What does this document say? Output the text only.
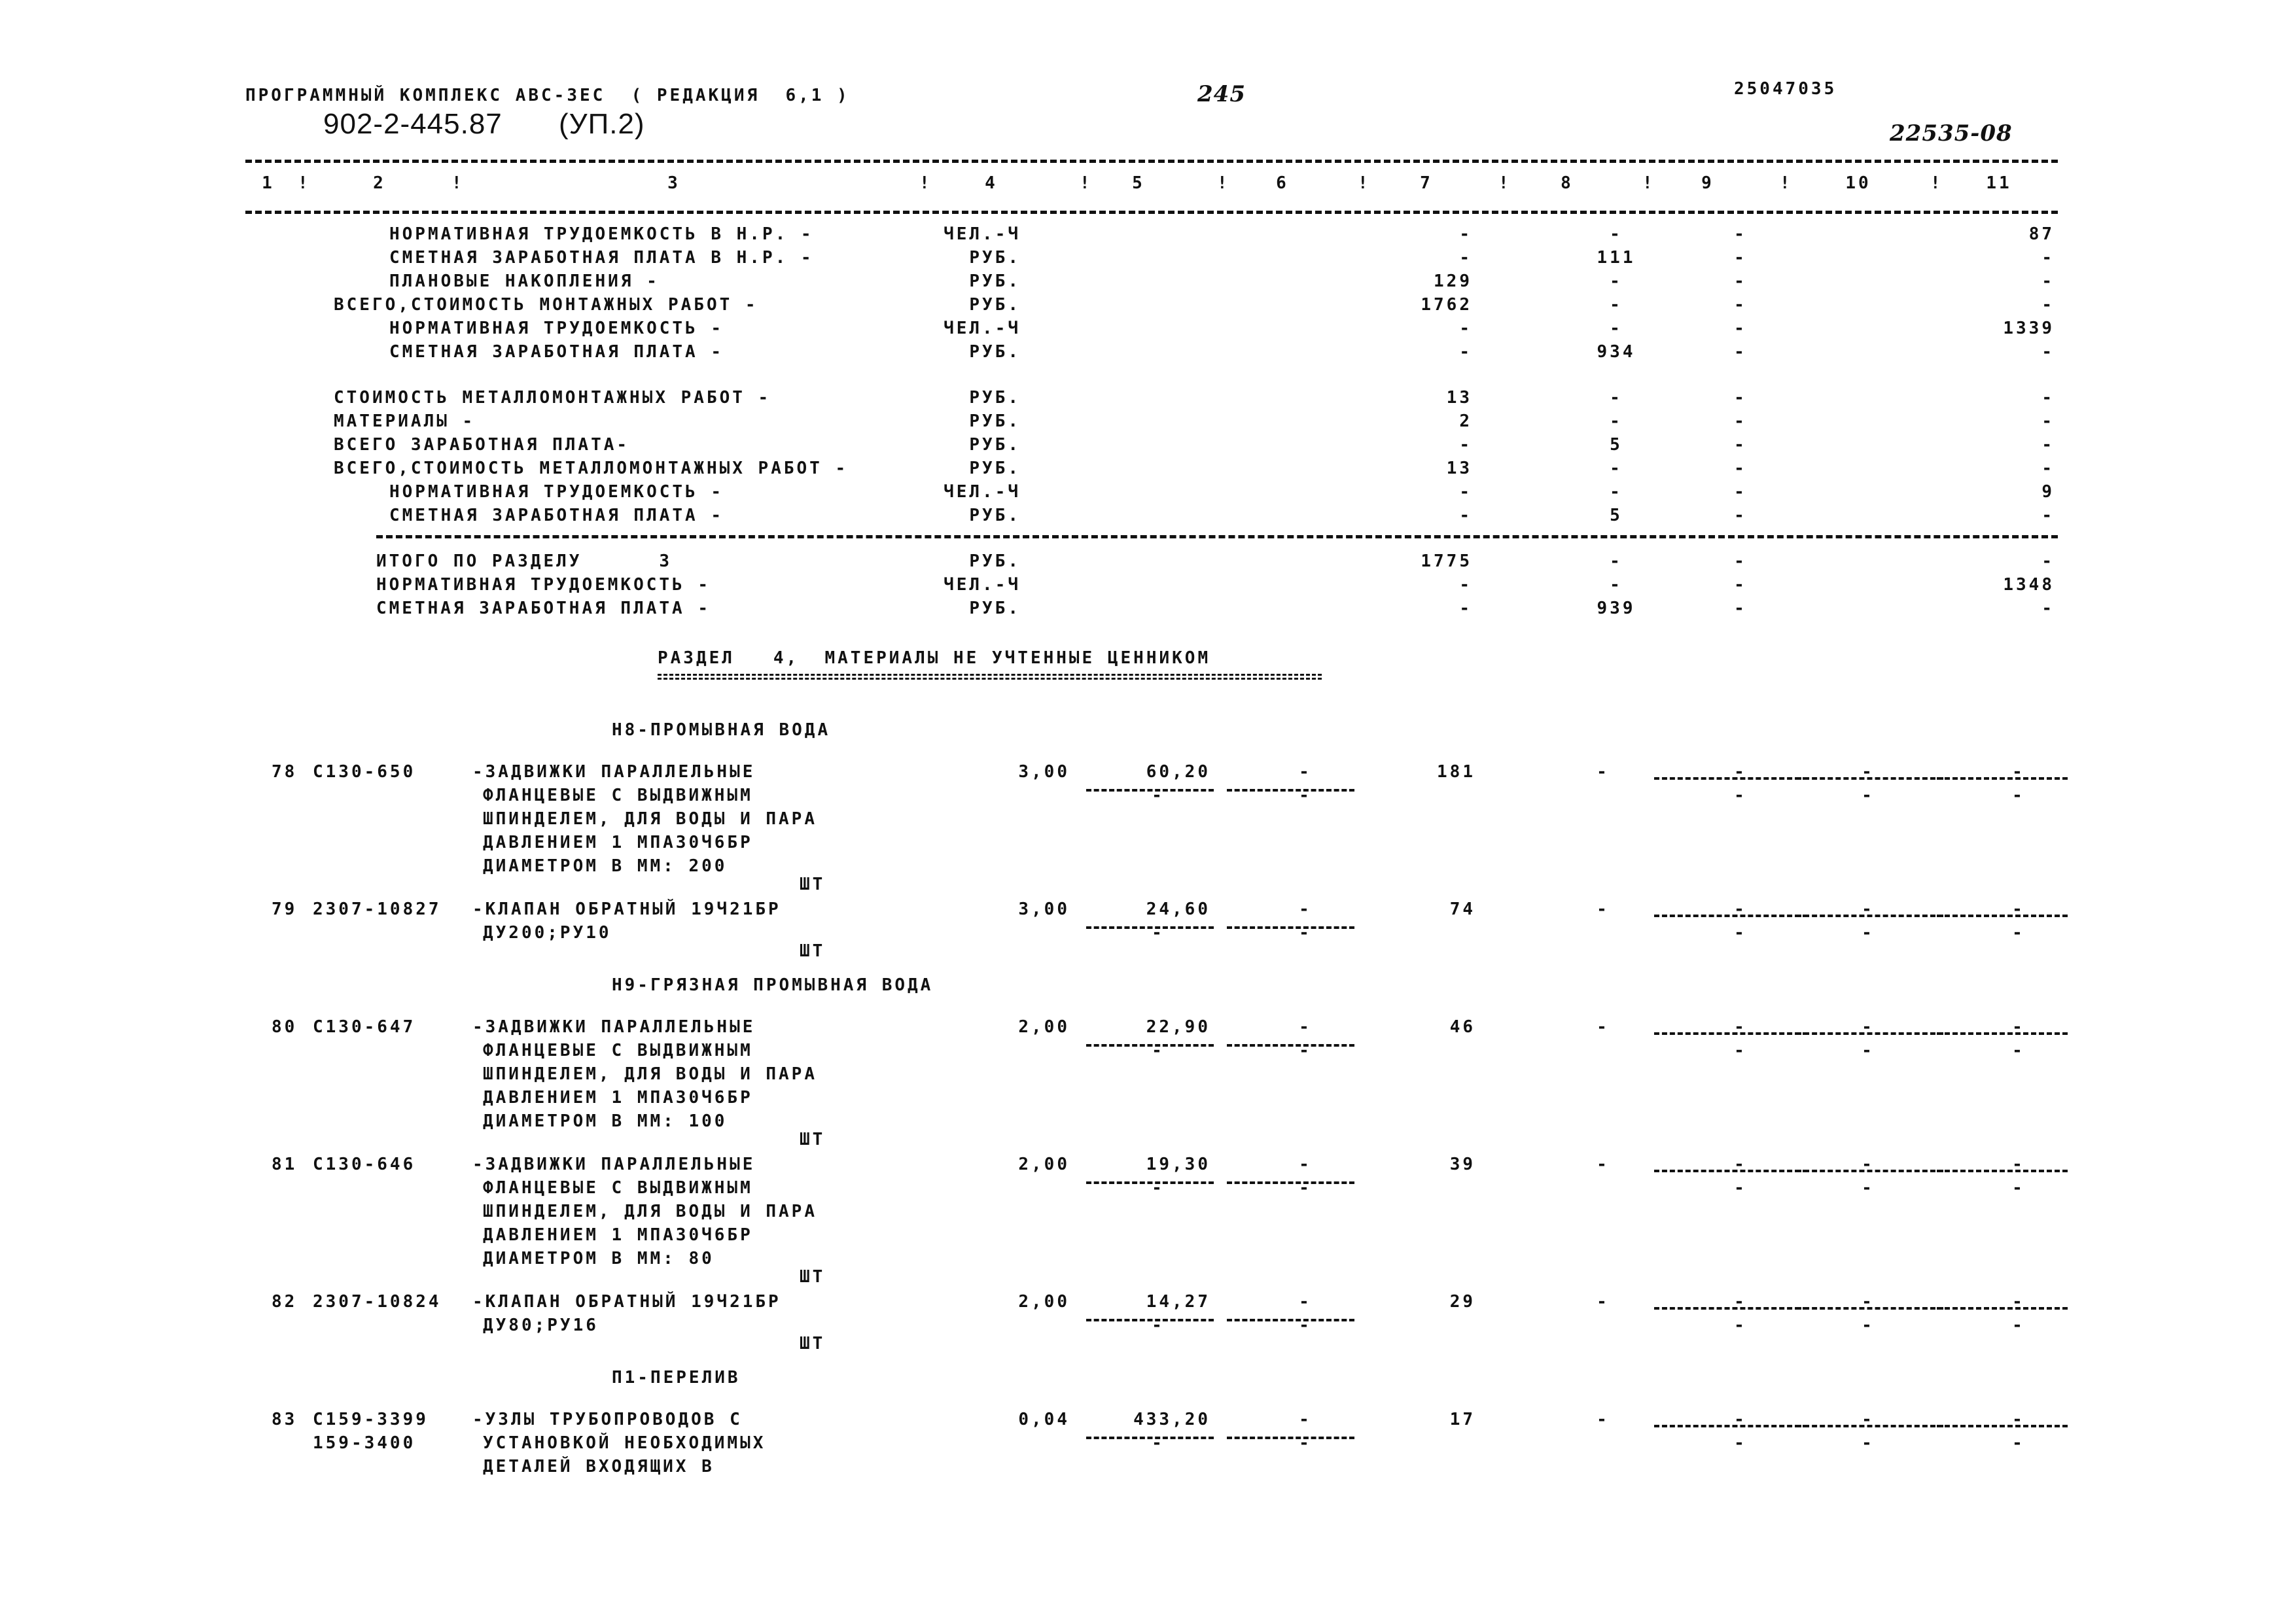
ПРОГРАММНЫЙ КОМПЛЕКС АВС-3ЕС  ( РЕДАКЦИЯ  6,1 )	245	25047035
902-2-445.87 (УП.2)	22535-08
1	2	3	4	5	6	7	8	9	10	11
!	!	!	!	!	!	!	!	!	!
НОРМАТИВНАЯ ТРУДОЕМКОСТЬ В Н.Р. -	ЧЕЛ.-Ч	-	-	-	87
СМЕТНАЯ ЗАРАБОТНАЯ ПЛАТА В Н.Р. -	РУБ.	-	111	-	-
ПЛАНОВЫЕ НАКОПЛЕНИЯ -	РУБ.	129	-	-	-
ВСЕГО,СТОИМОСТЬ МОНТАЖНЫХ РАБОТ -	РУБ.	1762	-	-	-
НОРМАТИВНАЯ ТРУДОЕМКОСТЬ -	ЧЕЛ.-Ч	-	-	-	1339
СМЕТНАЯ ЗАРАБОТНАЯ ПЛАТА -	РУБ.	-	934	-	-
СТОИМОСТЬ МЕТАЛЛОМОНТАЖНЫХ РАБОТ -	РУБ.	13	-	-	-
МАТЕРИАЛЫ -	РУБ.	2	-	-	-
ВСЕГО ЗАРАБОТНАЯ ПЛАТА-	РУБ.	-	5	-	-
ВСЕГО,СТОИМОСТЬ МЕТАЛЛОМОНТАЖНЫХ РАБОТ -	РУБ.	13	-	-	-
НОРМАТИВНАЯ ТРУДОЕМКОСТЬ -	ЧЕЛ.-Ч	-	-	-	9
СМЕТНАЯ ЗАРАБОТНАЯ ПЛАТА -	РУБ.	-	5	-	-
ИТОГО ПО РАЗДЕЛУ      3	РУБ.	1775	-	-	-
НОРМАТИВНАЯ ТРУДОЕМКОСТЬ -	ЧЕЛ.-Ч	-	-	-	1348
СМЕТНАЯ ЗАРАБОТНАЯ ПЛАТА -	РУБ.	-	939	-	-
РАЗДЕЛ   4,  МАТЕРИАЛЫ НЕ УЧТЕННЫЕ ЦЕННИКОМ
Н8-ПРОМЫВНАЯ ВОДА
78 С130-650	-ЗАДВИЖКИ ПАРАЛЛЕЛЬНЫЕ
ФЛАНЦЕВЫЕ С ВЫДВИЖНЫМ
ШПИНДЕЛЕМ, ДЛЯ ВОДЫ И ПАРА
ДАВЛЕНИЕМ 1 МПА30Ч6БР
ДИАМЕТРОМ В ММ: 200
3,00	60,20	-	181	-	-	-	-
-	-	-	-	-
ШТ
79 2307-10827 -КЛАПАН ОБРАТНЫЙ 19Ч21БР
ДУ200;РУ10
3,00	24,60	-	74	-	-	-	-
-	-	-	-	-
ШТ
Н9-ГРЯЗНАЯ ПРОМЫВНАЯ ВОДА
80 С130-647	-ЗАДВИЖКИ ПАРАЛЛЕЛЬНЫЕ
ФЛАНЦЕВЫЕ С ВЫДВИЖНЫМ
ШПИНДЕЛЕМ, ДЛЯ ВОДЫ И ПАРА
ДАВЛЕНИЕМ 1 МПА30Ч6БР
ДИАМЕТРОМ В ММ: 100
2,00	22,90	-	46	-	-	-	-
-	-	-	-	-
ШТ
81 С130-646	-ЗАДВИЖКИ ПАРАЛЛЕЛЬНЫЕ
ФЛАНЦЕВЫЕ С ВЫДВИЖНЫМ
ШПИНДЕЛЕМ, ДЛЯ ВОДЫ И ПАРА
ДАВЛЕНИЕМ 1 МПА30Ч6БР
ДИАМЕТРОМ В ММ: 80
2,00	19,30	-	39	-	-	-	-
-	-	-	-	-
ШТ
82 2307-10824 -КЛАПАН ОБРАТНЫЙ 19Ч21БР
ДУ80;РУ16
2,00	14,27	-	29	-	-	-	-
-	-	-	-	-
ШТ
П1-ПЕРЕЛИВ
83 С159-3399
159-3400
-УЗЛЫ ТРУБОПРОВОДОВ С
УСТАНОВКОЙ НЕОБХОДИМЫХ
ДЕТАЛЕЙ ВХОДЯЩИХ В
0,04	433,20	-	17	-	-	-	-
-	-	-	-	-
